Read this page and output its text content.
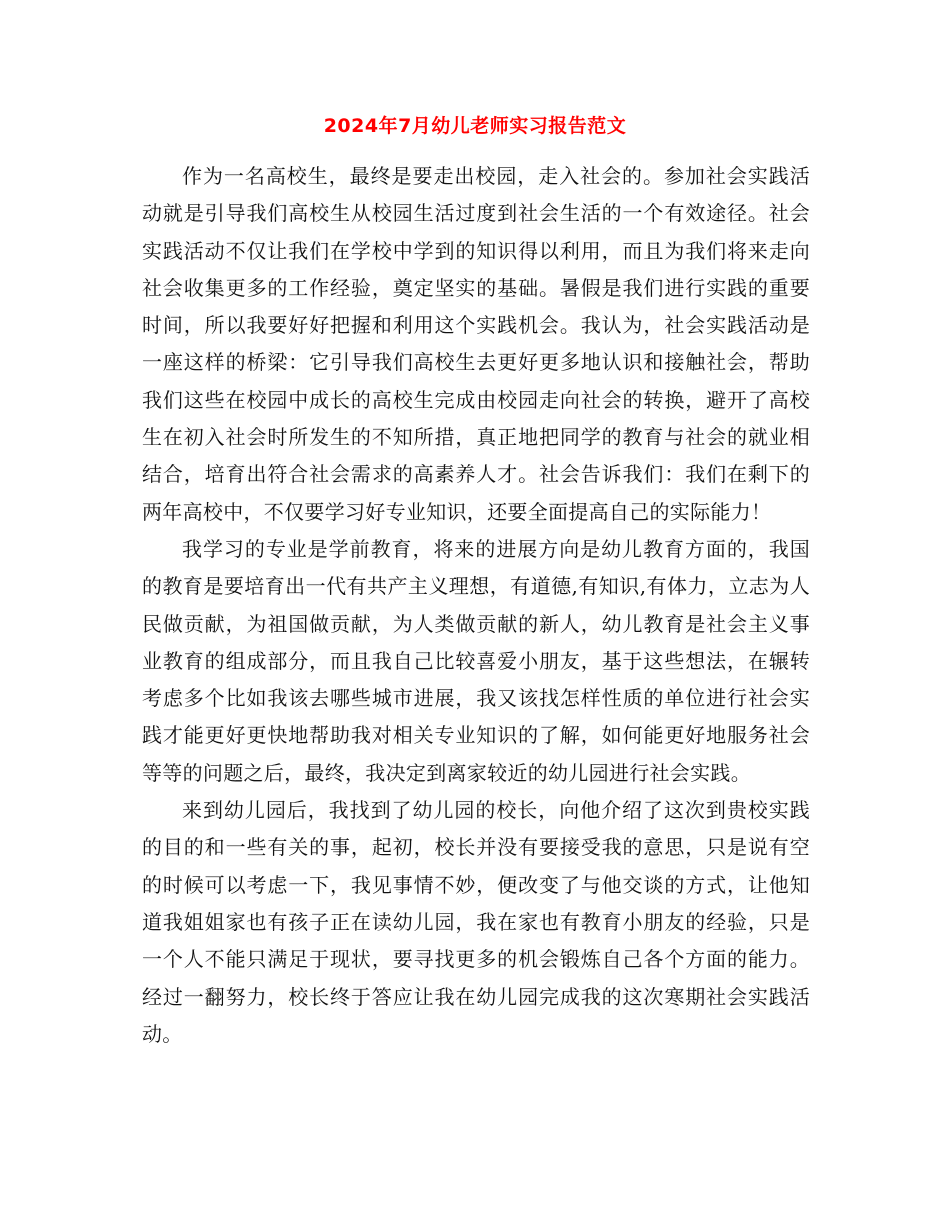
2024年7月幼儿老师实习报告范文

作为一名高校生，最终是要走出校园，走入社会的。参加社会实践活动就是引导我们高校生从校园生活过度到社会生活的一个有效途径。社会实践活动不仅让我们在学校中学到的知识得以利用，而且为我们将来走向社会收集更多的工作经验，奠定坚实的基础。暑假是我们进行实践的重要时间，所以我要好好把握和利用这个实践机会。我认为，社会实践活动是一座这样的桥梁：它引导我们高校生去更好更多地认识和接触社会，帮助我们这些在校园中成长的高校生完成由校园走向社会的转换，避开了高校生在初入社会时所发生的不知所措，真正地把同学的教育与社会的就业相结合，培育出符合社会需求的高素养人才。社会告诉我们：我们在剩下的两年高校中，不仅要学习好专业知识，还要全面提高自己的实际能力！

我学习的专业是学前教育，将来的进展方向是幼儿教育方面的，我国的教育是要培育出一代有共产主义理想，有道德,有知识,有体力，立志为人民做贡献，为祖国做贡献，为人类做贡献的新人，幼儿教育是社会主义事业教育的组成部分，而且我自己比较喜爱小朋友，基于这些想法，在辗转考虑多个比如我该去哪些城市进展，我又该找怎样性质的单位进行社会实践才能更好更快地帮助我对相关专业知识的了解，如何能更好地服务社会等等的问题之后，最终，我决定到离家较近的幼儿园进行社会实践。

来到幼儿园后，我找到了幼儿园的校长，向他介绍了这次到贵校实践的目的和一些有关的事，起初，校长并没有要接受我的意思，只是说有空的时候可以考虑一下，我见事情不妙，便改变了与他交谈的方式，让他知道我姐姐家也有孩子正在读幼儿园，我在家也有教育小朋友的经验，只是一个人不能只满足于现状，要寻找更多的机会锻炼自己各个方面的能力。经过一翻努力，校长终于答应让我在幼儿园完成我的这次寒期社会实践活动。
